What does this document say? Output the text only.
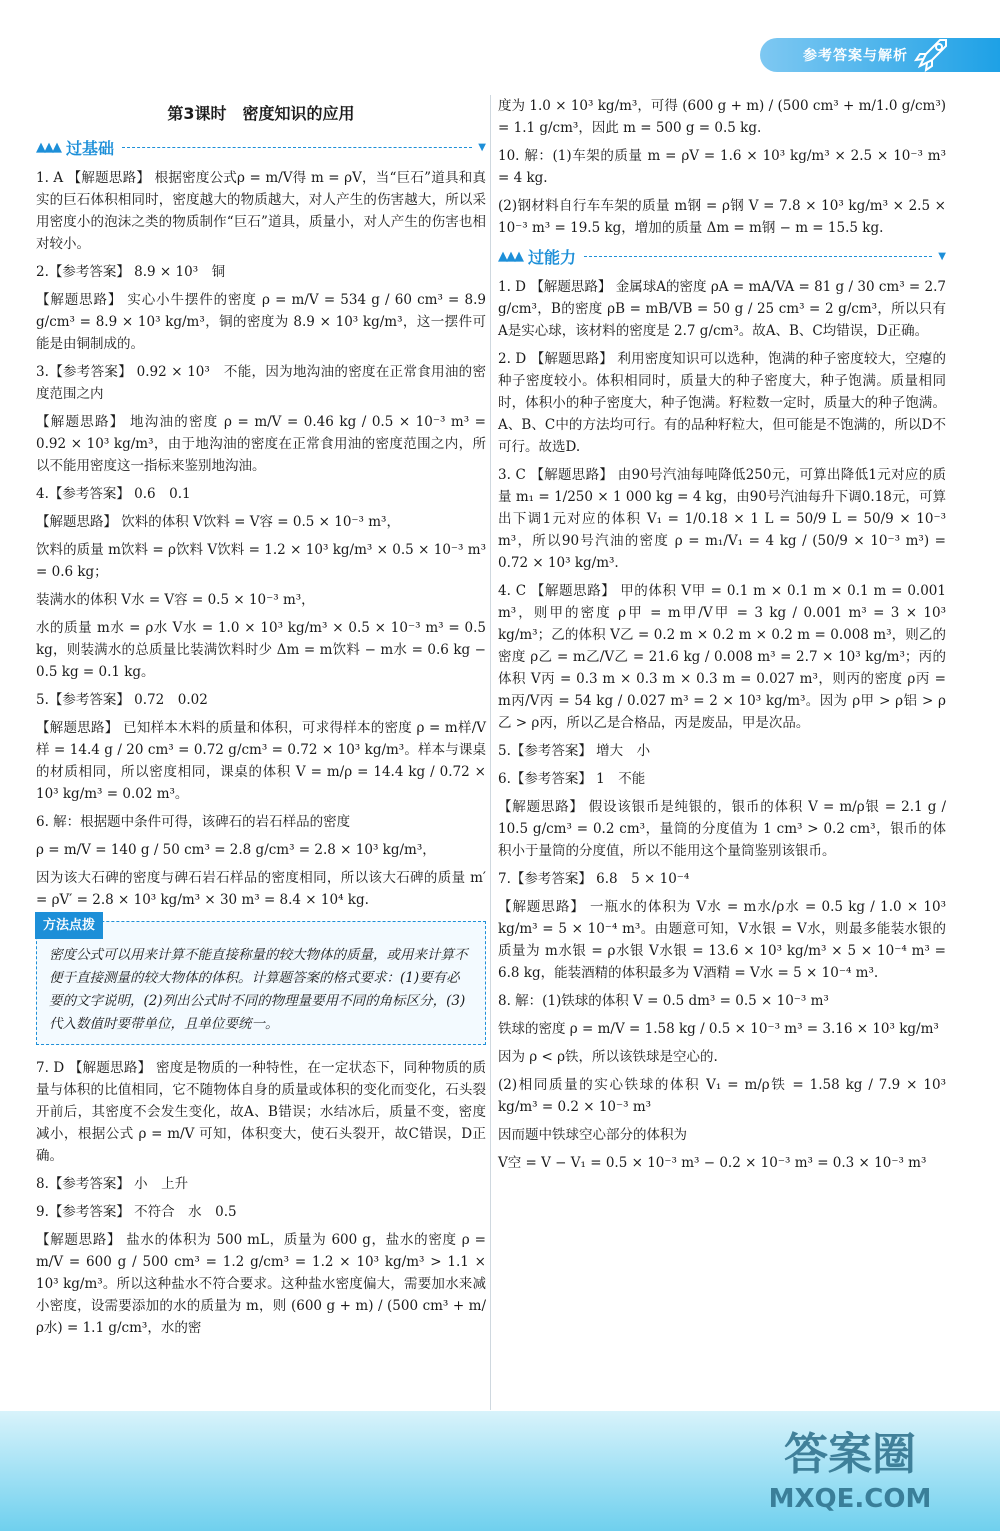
参考答案与解析
第3课时　密度知识的应用
▲▲▲ 过基础	▼
1. A 【解题思路】 根据密度公式ρ = m/V得 m = ρV，当“巨石”道具和真实的巨石体积相同时，密度越大的物质越大，对人产生的伤害越大，所以采用密度小的泡沫之类的物质制作“巨石”道具，质量小，对人产生的伤害也相对较小。
2.【参考答案】 8.9 × 10³　铜
【解题思路】 实心小牛摆件的密度 ρ = m/V = 534 g / 60 cm³ = 8.9 g/cm³ = 8.9 × 10³ kg/m³，铜的密度为 8.9 × 10³ kg/m³，这一摆件可能是由铜制成的。
3.【参考答案】 0.92 × 10³　不能，因为地沟油的密度在正常食用油的密度范围之内
【解题思路】 地沟油的密度 ρ = m/V = 0.46 kg / 0.5 × 10⁻³ m³ = 0.92 × 10³ kg/m³，由于地沟油的密度在正常食用油的密度范围之内，所以不能用密度这一指标来鉴别地沟油。
4.【参考答案】 0.6　0.1
【解题思路】 饮料的体积 V饮料 = V容 = 0.5 × 10⁻³ m³，
饮料的质量 m饮料 = ρ饮料 V饮料 = 1.2 × 10³ kg/m³ × 0.5 × 10⁻³ m³ = 0.6 kg；
装满水的体积 V水 = V容 = 0.5 × 10⁻³ m³，
水的质量 m水 = ρ水 V水 = 1.0 × 10³ kg/m³ × 0.5 × 10⁻³ m³ = 0.5 kg，则装满水的总质量比装满饮料时少 Δm = m饮料 − m水 = 0.6 kg − 0.5 kg = 0.1 kg。
5.【参考答案】 0.72　0.02
【解题思路】 已知样本木料的质量和体积，可求得样本的密度 ρ = m样/V样 = 14.4 g / 20 cm³ = 0.72 g/cm³ = 0.72 × 10³ kg/m³。样本与课桌的材质相同，所以密度相同，课桌的体积 V = m/ρ = 14.4 kg / 0.72 × 10³ kg/m³ = 0.02 m³。
6. 解：根据题中条件可得，该碑石的岩石样品的密度
ρ = m/V = 140 g / 50 cm³ = 2.8 g/cm³ = 2.8 × 10³ kg/m³，
因为该大石碑的密度与碑石岩石样品的密度相同，所以该大石碑的质量 m′ = ρV′ = 2.8 × 10³ kg/m³ × 30 m³ = 8.4 × 10⁴ kg.
方法点拨
密度公式可以用来计算不能直接称量的较大物体的质量，或用来计算不便于直接测量的较大物体的体积。计算题答案的格式要求：(1)要有必要的文字说明，(2)列出公式时不同的物理量要用不同的角标区分，(3)代入数值时要带单位，且单位要统一。
7. D 【解题思路】 密度是物质的一种特性，在一定状态下，同种物质的质量与体积的比值相同，它不随物体自身的质量或体积的变化而变化，石头裂开前后，其密度不会发生变化，故A、B错误；水结冰后，质量不变，密度减小，根据公式 ρ = m/V 可知，体积变大，使石头裂开，故C错误，D正确。
8.【参考答案】 小　上升
9.【参考答案】 不符合　水　0.5
【解题思路】 盐水的体积为 500 mL，质量为 600 g，盐水的密度 ρ = m/V = 600 g / 500 cm³ = 1.2 g/cm³ = 1.2 × 10³ kg/m³ > 1.1 × 10³ kg/m³。所以这种盐水不符合要求。这种盐水密度偏大，需要加水来减小密度，设需要添加的水的质量为 m，则 (600 g + m) / (500 cm³ + m/ρ水) = 1.1 g/cm³，水的密
度为 1.0 × 10³ kg/m³，可得 (600 g + m) / (500 cm³ + m/1.0 g/cm³) = 1.1 g/cm³，因此 m = 500 g = 0.5 kg.
10. 解：(1)车架的质量 m = ρV = 1.6 × 10³ kg/m³ × 2.5 × 10⁻³ m³ = 4 kg.
(2)钢材料自行车车架的质量 m钢 = ρ钢 V = 7.8 × 10³ kg/m³ × 2.5 × 10⁻³ m³ = 19.5 kg，增加的质量 Δm = m钢 − m = 15.5 kg.
▲▲▲ 过能力	▼
1. D 【解题思路】 金属球A的密度 ρA = mA/VA = 81 g / 30 cm³ = 2.7 g/cm³，B的密度 ρB = mB/VB = 50 g / 25 cm³ = 2 g/cm³，所以只有A是实心球，该材料的密度是 2.7 g/cm³。故A、B、C均错误，D正确。
2. D 【解题思路】 利用密度知识可以选种，饱满的种子密度较大，空瘪的种子密度较小。体积相同时，质量大的种子密度大，种子饱满。质量相同时，体积小的种子密度大，种子饱满。籽粒数一定时，质量大的种子饱满。A、B、C中的方法均可行。有的品种籽粒大，但可能是不饱满的，所以D不可行。故选D.
3. C 【解题思路】 由90号汽油每吨降低250元，可算出降低1元对应的质量 m₁ = 1/250 × 1 000 kg = 4 kg，由90号汽油每升下调0.18元，可算出下调1元对应的体积 V₁ = 1/0.18 × 1 L = 50/9 L = 50/9 × 10⁻³ m³，所以90号汽油的密度 ρ = m₁/V₁ = 4 kg / (50/9 × 10⁻³ m³) = 0.72 × 10³ kg/m³.
4. C 【解题思路】 甲的体积 V甲 = 0.1 m × 0.1 m × 0.1 m = 0.001 m³，则甲的密度 ρ甲 = m甲/V甲 = 3 kg / 0.001 m³ = 3 × 10³ kg/m³；乙的体积 V乙 = 0.2 m × 0.2 m × 0.2 m = 0.008 m³，则乙的密度 ρ乙 = m乙/V乙 = 21.6 kg / 0.008 m³ = 2.7 × 10³ kg/m³；丙的体积 V丙 = 0.3 m × 0.3 m × 0.3 m = 0.027 m³，则丙的密度 ρ丙 = m丙/V丙 = 54 kg / 0.027 m³ = 2 × 10³ kg/m³。因为 ρ甲 > ρ铝 > ρ乙 > ρ丙，所以乙是合格品，丙是废品，甲是次品。
5.【参考答案】 增大　小
6.【参考答案】 1　不能
【解题思路】 假设该银币是纯银的，银币的体积 V = m/ρ银 = 2.1 g / 10.5 g/cm³ = 0.2 cm³，量筒的分度值为 1 cm³ > 0.2 cm³，银币的体积小于量筒的分度值，所以不能用这个量筒鉴别该银币。
7.【参考答案】 6.8　5 × 10⁻⁴
【解题思路】 一瓶水的体积为 V水 = m水/ρ水 = 0.5 kg / 1.0 × 10³ kg/m³ = 5 × 10⁻⁴ m³。由题意可知，V水银 = V水，则最多能装水银的质量为 m水银 = ρ水银 V水银 = 13.6 × 10³ kg/m³ × 5 × 10⁻⁴ m³ = 6.8 kg，能装酒精的体积最多为 V酒精 = V水 = 5 × 10⁻⁴ m³.
8. 解：(1)铁球的体积 V = 0.5 dm³ = 0.5 × 10⁻³ m³
铁球的密度 ρ = m/V = 1.58 kg / 0.5 × 10⁻³ m³ = 3.16 × 10³ kg/m³
因为 ρ < ρ铁，所以该铁球是空心的.
(2)相同质量的实心铁球的体积 V₁ = m/ρ铁 = 1.58 kg / 7.9 × 10³ kg/m³ = 0.2 × 10⁻³ m³
因而题中铁球空心部分的体积为
V空 = V − V₁ = 0.5 × 10⁻³ m³ − 0.2 × 10⁻³ m³ = 0.3 × 10⁻³ m³
答案圈
MXQE.COM
